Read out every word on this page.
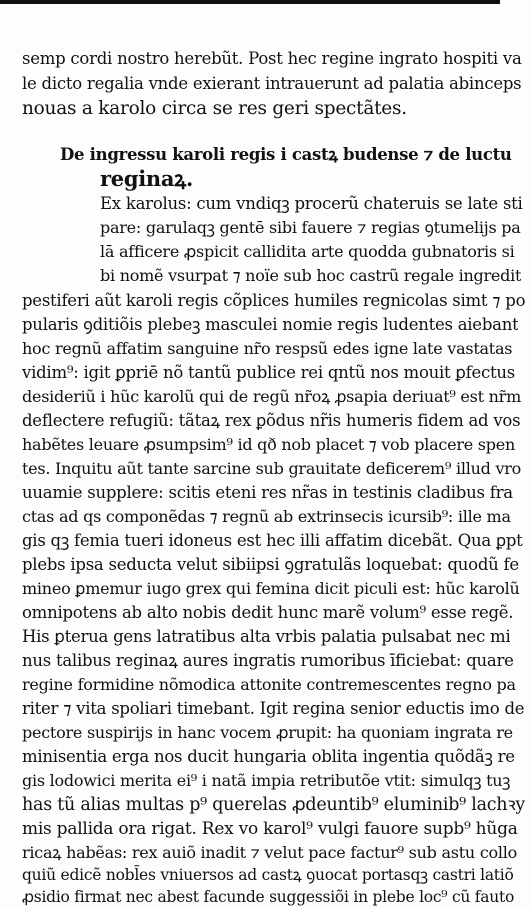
semp cordi nostro herebũt. Post hec regine ingrato hospiti va
le dicto regalia vnde exierant intrauerunt ad palatia abinceps
nouas a karolo circa se res geri spectãtes.
De ingressu karoli regis i castꝝ budense ⁊ de luctu
reginaꝝ.
Ex karolus: cum vndiqꝫ procerũ chateruis se late sti
pare: garulaqꝫ gentē sibi fauere ⁊ regias ꝯtumelijs pa
lā afficere ꝓspicit callidita arte quodda gubnatoris si
bi nomẽ vsurpat ⁊ noïe sub hoc castrũ regale ingredit
pestiferi aũt karoli regis cõplices humiles regnicolas simt ⁊ po
pularis ꝯditiõis plebeꝫ masculei nomie regis ludentes aiebant
hoc regnũ affatim sanguine nr̃o respsũ edes igne late vastatas
vidim⁹: igit ꝑpriē nõ tantũ publice rei qntũ nos mouit ꝑfectus
desideriũ i hũc karolũ qui de regũ nr̃oꝝ ꝓsapia deriuat⁹ est nr̃m
deflectere refugiũ: tãtaꝝ rex ꝑõdus nr̃is humeris fidem ad vos
habẽtes leuare ꝓsumpsim⁹ id qð nob placet ⁊ vob placere spen
tes. Inquitu aũt tante sarcine sub grauitate deficerem⁹ illud vro
uuamie supplere: scitis eteni res nr̃as in testinis cladibus fra
ctas ad qs componẽdas ⁊ regnũ ab extrinsecis icursib⁹: ille ma
gis qꝫ femia tueri idoneus est hec illi affatim dicebãt. Qua ꝑpt
plebs ipsa seducta velut sibiipsi ꝯgratulãs loquebat: quodũ fe
mineo ꝑmemur iugo grex qui femina dicit piculi est: hũc karolũ
omnipotens ab alto nobis dedit hunc marẽ volum⁹ esse regẽ.
His ꝑterua gens latratibus alta vrbis palatia pulsabat nec mi
nus talibus reginaꝝ aures ingratis rumoribus īficiebat: quare
regine formidine nõmodica attonite contremescentes regno pa
riter ⁊ vita spoliari timebant. Igit regina senior eductis imo de
pectore suspirijs in hanc vocem ꝓrupit: ha quoniam ingrata re
minisentia erga nos ducit hungaria oblita ingentia quõdãꝫ re
gis lodowici merita ei⁹ i natã impia retributõe vtit: simulqꝫ tuꝫ
has tũ alias multas p⁹ querelas ꝓdeuntib⁹ eluminib⁹ lachꝛy
mis pallida ora rigat. Rex vo karol⁹ vulgi fauore supb⁹ hũga
ricaꝝ habẽas: rex auiõ inadit ⁊ velut pace factur⁹ sub astu collo
quiũ edicẽ nobl̃es vniuersos ad castꝝ ꝯuocat portasqꝫ castri latiõ
ꝓsidio firmat nec abest facunde suggessiõi in plebe loc⁹ cũ fauto
